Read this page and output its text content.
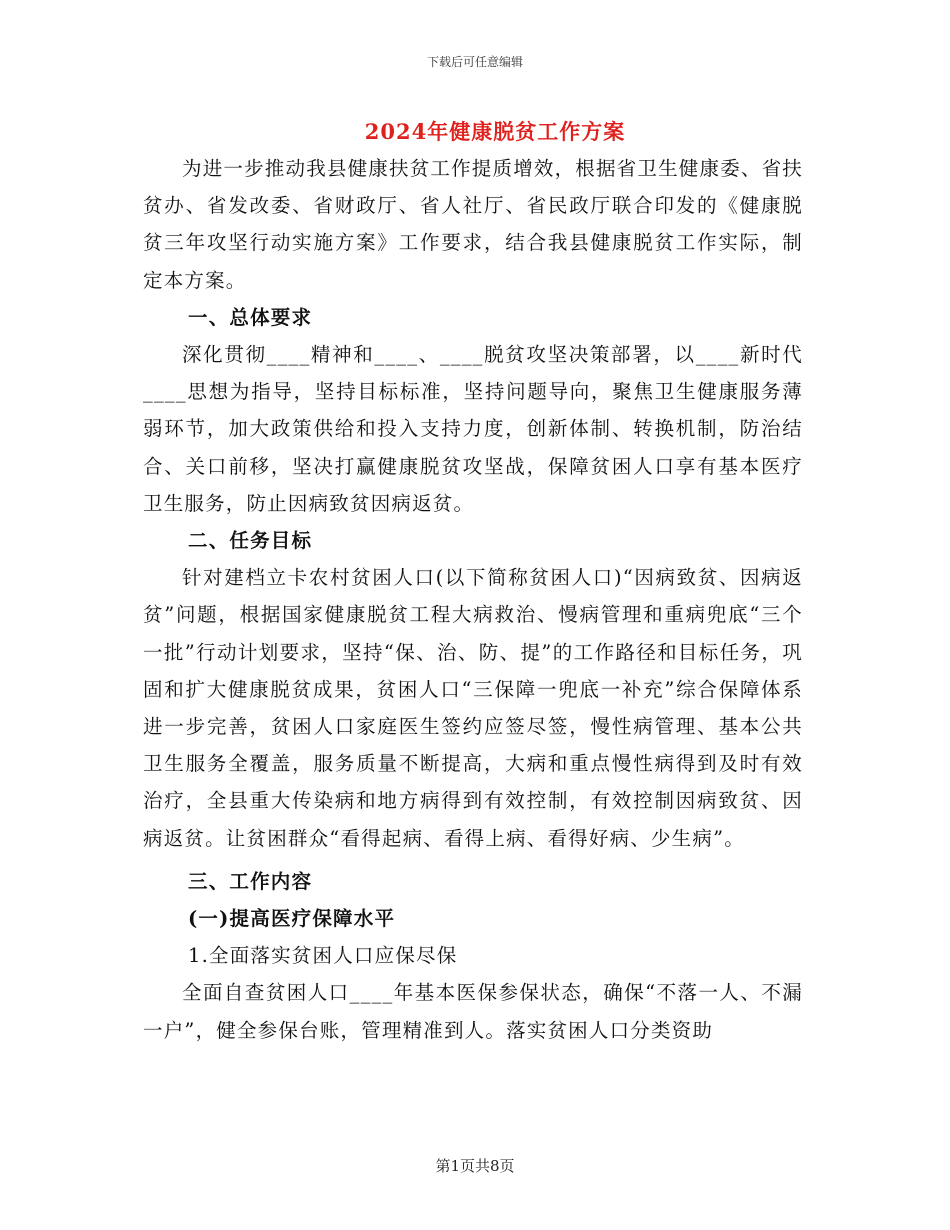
下载后可任意编辑
2024年健康脱贫工作方案

为进一步推动我县健康扶贫工作提质增效，根据省卫生健康委、省扶贫办、省发改委、省财政厅、省人社厅、省民政厅联合印发的《健康脱贫三年攻坚行动实施方案》工作要求，结合我县健康脱贫工作实际，制定本方案。

一、总体要求

深化贯彻____精神和____、____脱贫攻坚决策部署，以____新时代____思想为指导，坚持目标标准，坚持问题导向，聚焦卫生健康服务薄弱环节，加大政策供给和投入支持力度，创新体制、转换机制，防治结合、关口前移，坚决打赢健康脱贫攻坚战，保障贫困人口享有基本医疗卫生服务，防止因病致贫因病返贫。

二、任务目标

针对建档立卡农村贫困人口(以下简称贫困人口)“因病致贫、因病返贫”问题，根据国家健康脱贫工程大病救治、慢病管理和重病兜底“三个一批”行动计划要求，坚持“保、治、防、提”的工作路径和目标任务，巩固和扩大健康脱贫成果，贫困人口“三保障一兜底一补充”综合保障体系进一步完善，贫困人口家庭医生签约应签尽签，慢性病管理、基本公共卫生服务全覆盖，服务质量不断提高，大病和重点慢性病得到及时有效治疗，全县重大传染病和地方病得到有效控制，有效控制因病致贫、因病返贫。让贫困群众“看得起病、看得上病、看得好病、少生病”。

三、工作内容

(一)提高医疗保障水平

1.全面落实贫困人口应保尽保

全面自查贫困人口____年基本医保参保状态，确保“不落一人、不漏一户”，健全参保台账，管理精准到人。落实贫困人口分类资助

第1页共8页
